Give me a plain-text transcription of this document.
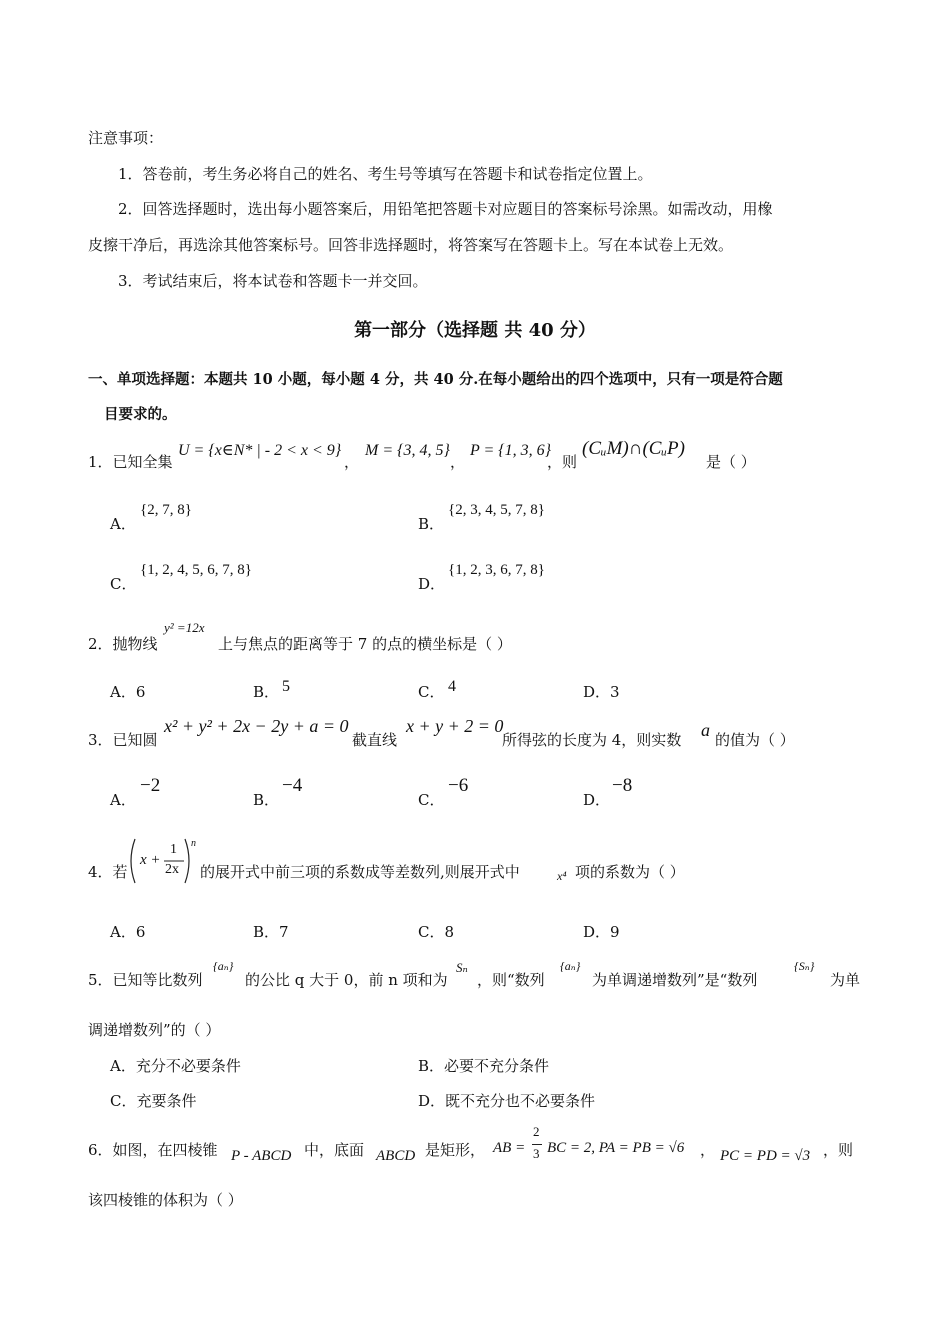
注意事项：
1．答卷前，考生务必将自己的姓名、考生号等填写在答题卡和试卷指定位置上。
2．回答选择题时，选出每小题答案后，用铅笔把答题卡对应题目的答案标号涂黑。如需改动，用橡
皮擦干净后，再选涂其他答案标号。回答非选择题时，将答案写在答题卡上。写在本试卷上无效。
3．考试结束后，将本试卷和答题卡一并交回。
第一部分（选择题 共 40 分）
一、单项选择题：本题共 10 小题，每小题 4 分，共 40 分.在每小题给出的四个选项中，只有一项是符合题
目要求的。
1．已知全集
U = {x∈N* | - 2 < x < 9}
，
M = {3, 4, 5}
，
P = {1, 3, 6}
，则
(CᵤM)∩(CᵤP)
是（ ）
A．
{2, 7, 8}
B．
{2, 3, 4, 5, 7, 8}
C．
{1, 2, 4, 5, 6, 7, 8}
D．
{1, 2, 3, 6, 7, 8}
2．抛物线
y² =12x
上与焦点的距离等于 7 的点的横坐标是（ ）
A．6	B． 5	C． 4	D．3
3．已知圆
x² + y² + 2x − 2y + a = 0
截直线
x + y + 2 = 0
所得弦的长度为 4，则实数 a 的值为（ ）
A．
−2
B．
−4
C．
−6
D．
−8
4．若
x +
1
2x
n
的展开式中前三项的系数成等差数列,则展开式中	x⁴ 项的系数为（ ）
A．6	B．7	C．8	D．9
5．已知等比数列
{aₙ}
的公比 q 大于 0，前 n 项和为
Sₙ
，则“数列
{aₙ}
为单调递增数列”是“数列
{Sₙ}
为单
调递增数列”的（ ）
A．充分不必要条件	B．必要不充分条件
C．充要条件	D．既不充分也不必要条件
6．如图，在四棱锥 P - ABCD 中，底面 ABCD 是矩形， AB =
2
3 BC = 2, PA = PB = √6 ， PC = PD = √3 ，则
该四棱锥的体积为（ ）
